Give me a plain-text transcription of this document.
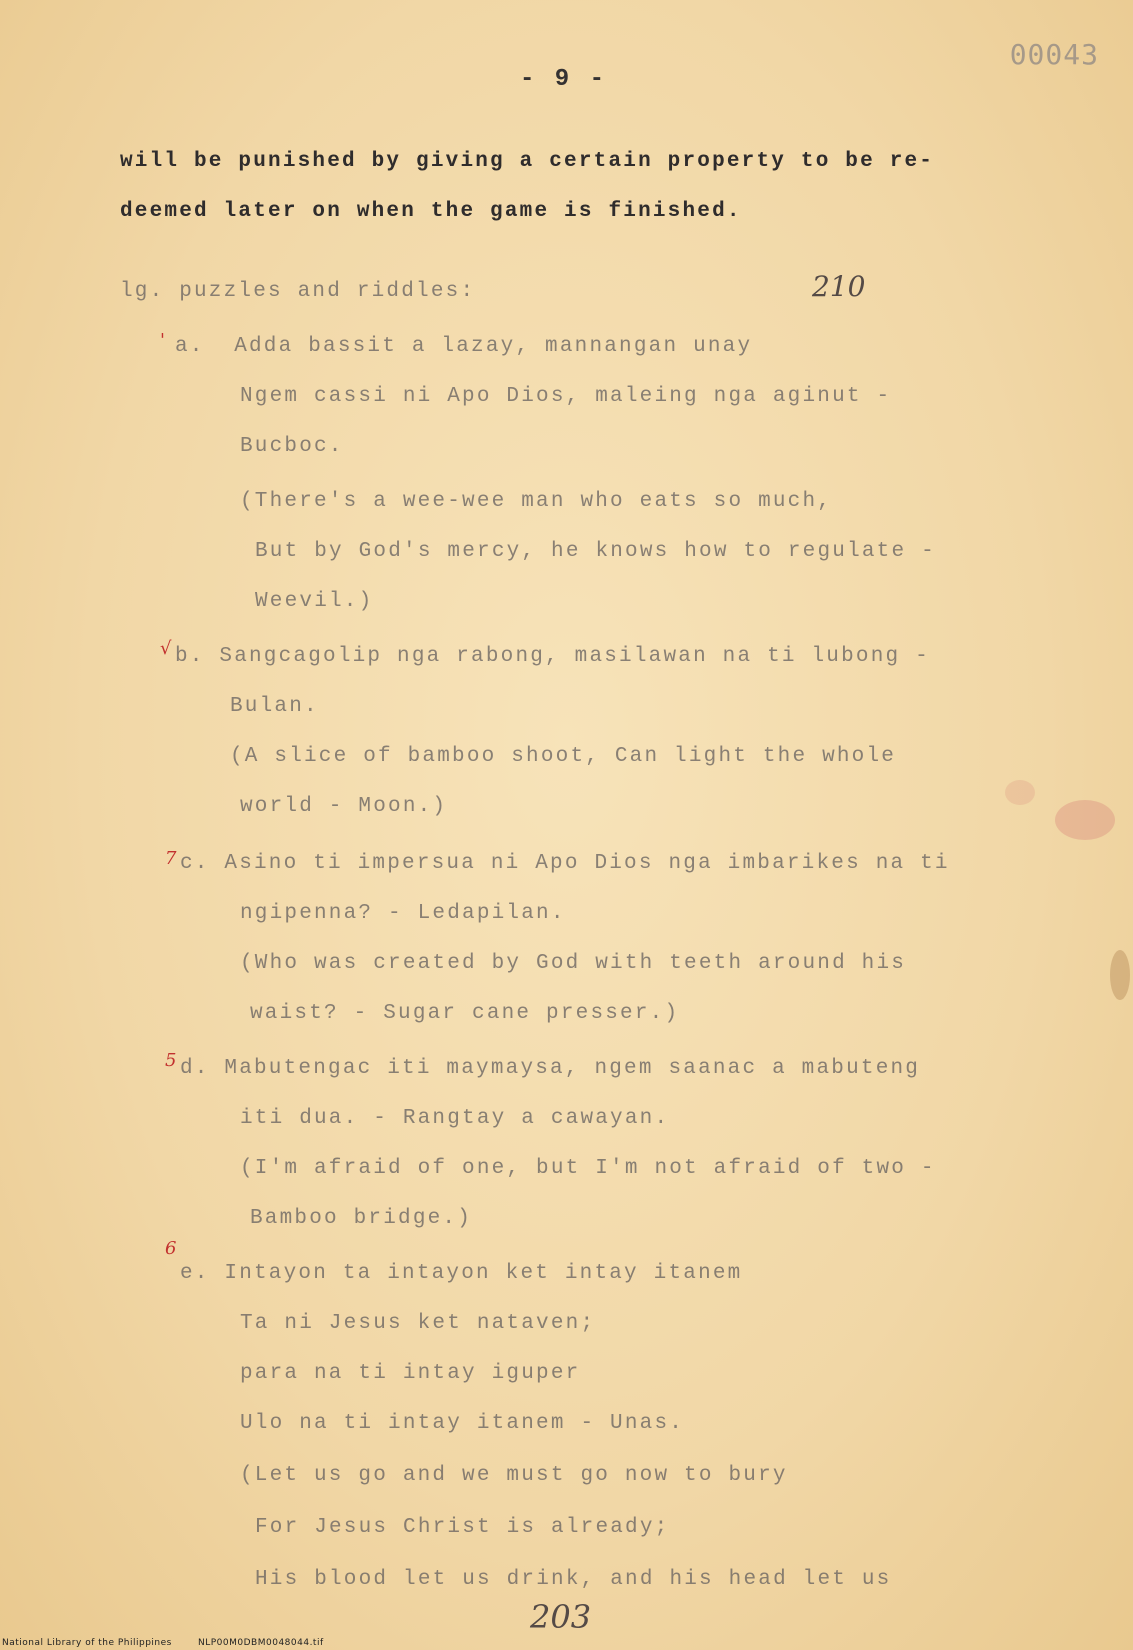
00043
- 9 -
will be punished by giving a certain property to be re-
deemed later on when the game is finished.
lg. puzzles and riddles:	210
' a.  Adda bassit a lazay, mannangan unay
Ngem cassi ni Apo Dios, maleing nga aginut -
Bucboc.
(There's a wee-wee man who eats so much,
But by God's mercy, he knows how to regulate -
Weevil.)
√ b. Sangcagolip nga rabong, masilawan na ti lubong -
Bulan.
(A slice of bamboo shoot, Can light the whole
world - Moon.)
7 c. Asino ti impersua ni Apo Dios nga imbarikes na ti
ngipenna? - Ledapilan.
(Who was created by God with teeth around his
waist? - Sugar cane presser.)
5 d. Mabutengac iti maymaysa, ngem saanac a mabuteng
iti dua. - Rangtay a cawayan.
(I'm afraid of one, but I'm not afraid of two -
Bamboo bridge.)
6
e. Intayon ta intayon ket intay itanem
Ta ni Jesus ket nataven;
para na ti intay iguper
Ulo na ti intay itanem - Unas.
(Let us go and we must go now to bury
For Jesus Christ is already;
His blood let us drink, and his head let us
203
National Library of the Philippines	NLP00M0DBM0048044.tif
